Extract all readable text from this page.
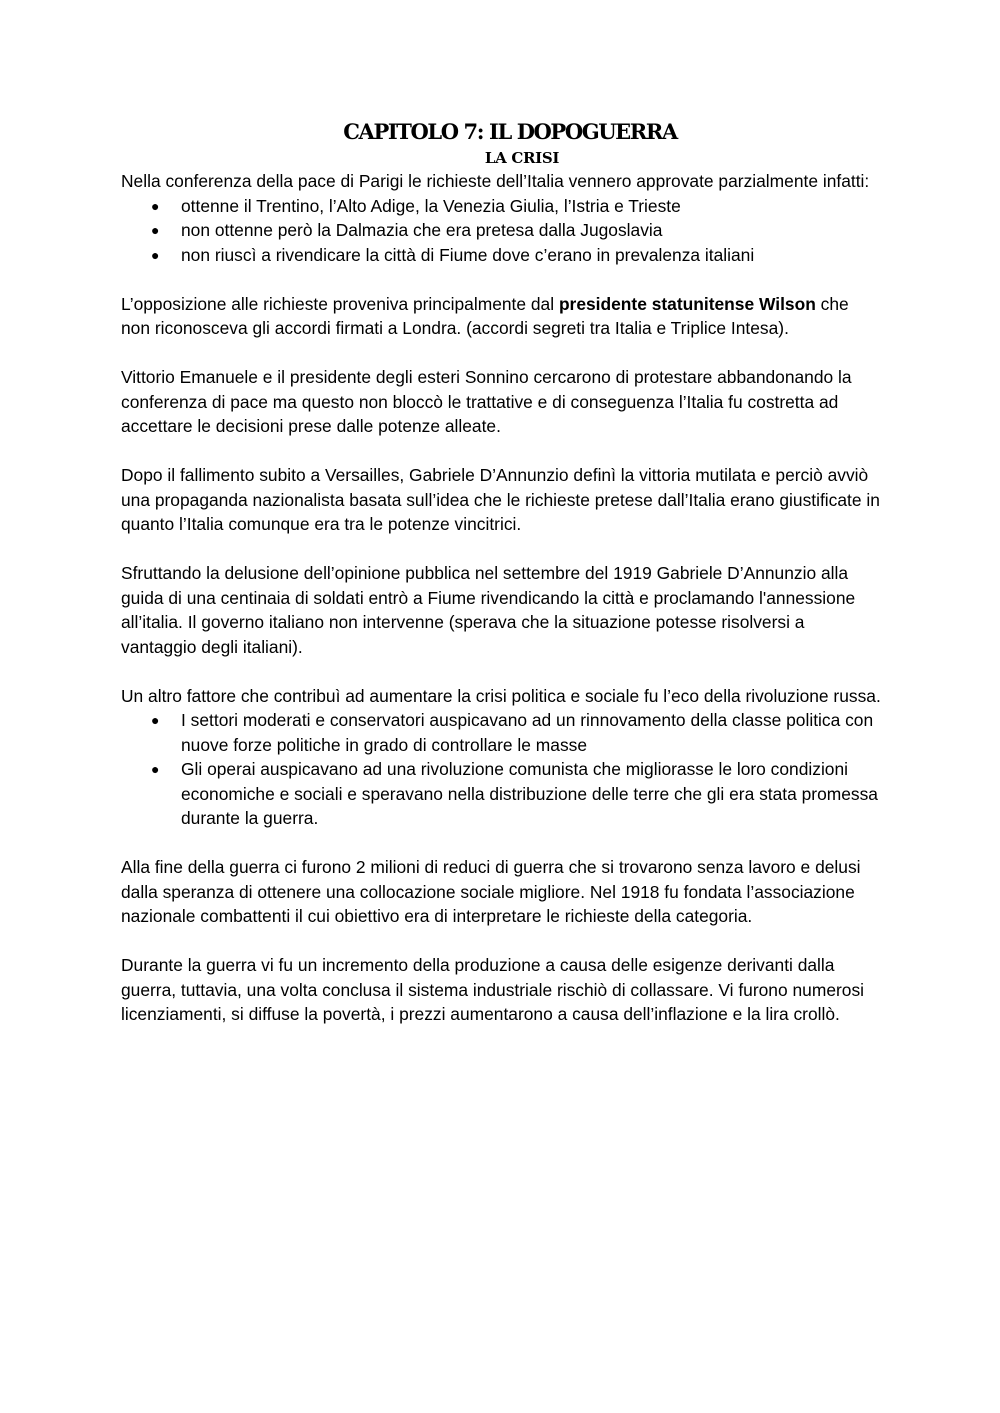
CAPITOLO 7: IL DOPOGUERRA
LA CRISI

Nella conferenza della pace di Parigi le richieste dell’Italia vennero approvate parzialmente infatti:

● ottenne il Trentino, l’Alto Adige, la Venezia Giulia, l’Istria e Trieste
● non ottenne però la Dalmazia che era pretesa dalla Jugoslavia
● non riuscì a rivendicare la città di Fiume dove c’erano in prevalenza italiani

L’opposizione alle richieste proveniva principalmente dal presidente statunitense Wilson che non riconosceva gli accordi firmati a Londra. (accordi segreti tra Italia e Triplice Intesa).

Vittorio Emanuele e il presidente degli esteri Sonnino cercarono di protestare abbandonando la conferenza di pace ma questo non bloccò le trattative e di conseguenza l’Italia fu costretta ad accettare le decisioni prese dalle potenze alleate.

Dopo il fallimento subito a Versailles, Gabriele D’Annunzio definì la vittoria mutilata e perciò avviò una propaganda nazionalista basata sull’idea che le richieste pretese dall’Italia erano giustificate in quanto l’Italia comunque era tra le potenze vincitrici.

Sfruttando la delusione dell’opinione pubblica nel settembre del 1919 Gabriele D’Annunzio alla guida di una centinaia di soldati entrò a Fiume rivendicando la città e proclamando l'annessione all’italia. Il governo italiano non intervenne (sperava che la situazione potesse risolversi a vantaggio degli italiani).

Un altro fattore che contribuì ad aumentare la crisi politica e sociale fu l’eco della rivoluzione russa.

● I settori moderati e conservatori auspicavano ad un rinnovamento della classe politica con nuove forze politiche in grado di controllare le masse
● Gli operai auspicavano ad una rivoluzione comunista che migliorasse le loro condizioni economiche e sociali e speravano nella distribuzione delle terre che gli era stata promessa durante la guerra.

Alla fine della guerra ci furono 2 milioni di reduci di guerra che si trovarono senza lavoro e delusi dalla speranza di ottenere una collocazione sociale migliore. Nel 1918 fu fondata l’associazione nazionale combattenti il cui obiettivo era di interpretare le richieste della categoria.

Durante la guerra vi fu un incremento della produzione a causa delle esigenze derivanti dalla guerra, tuttavia, una volta conclusa il sistema industriale rischiò di collassare. Vi furono numerosi licenziamenti, si diffuse la povertà, i prezzi aumentarono a causa dell’inflazione e la lira crollò.
